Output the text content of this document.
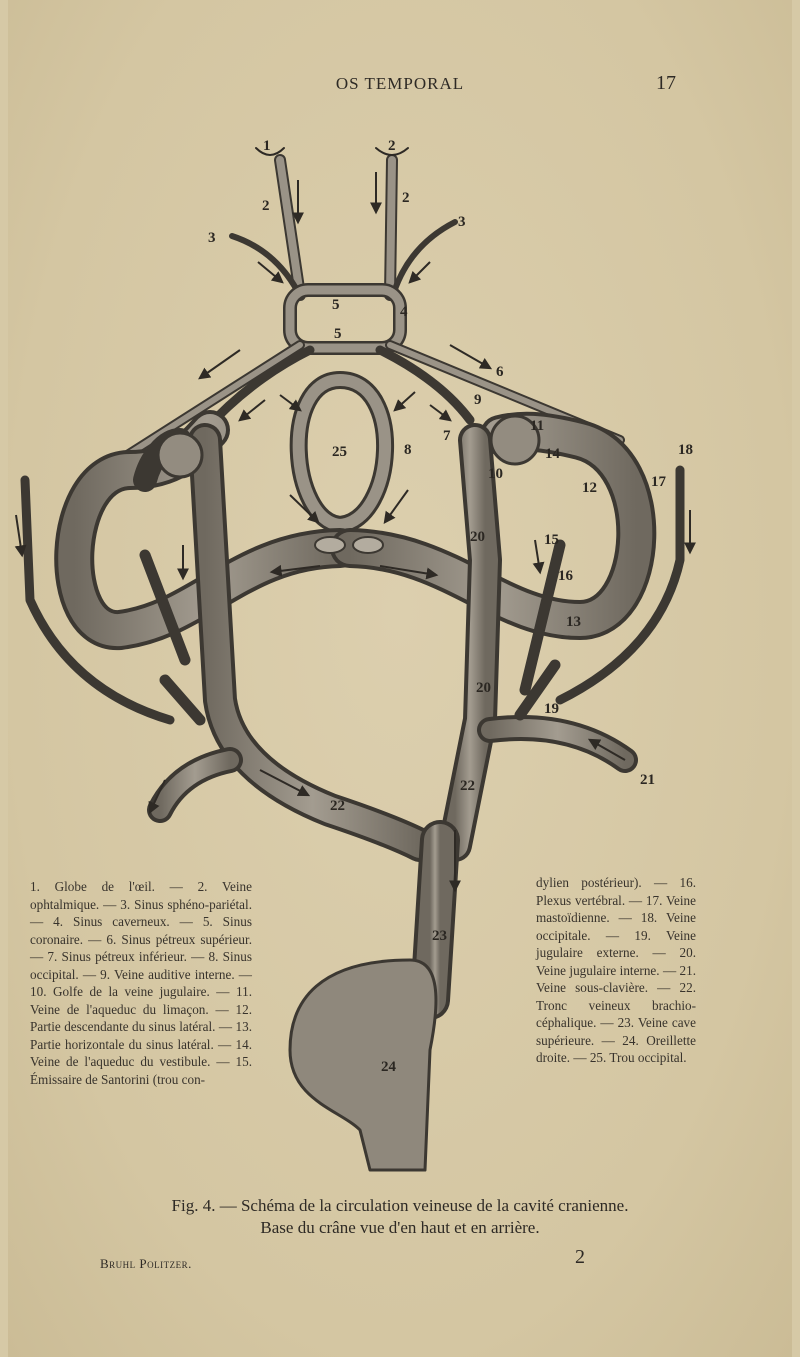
OS TEMPORAL	17
1	2
2	2
3
3
4
5
5
6
7
8
9
10
11
12
13
14
15
16
17
18
19
20
20
21
22
22
23
24
25
1. Globe de l'œil. — 2. Veine ophtalmique. — 3. Sinus sphéno-pariétal. — 4. Sinus caverneux. — 5. Sinus coronaire. — 6. Sinus pétreux supérieur. — 7. Sinus pétreux inférieur. — 8. Sinus occipital. — 9. Veine auditive interne. — 10. Golfe de la veine jugulaire. — 11. Veine de l'aqueduc du limaçon. — 12. Partie descendante du sinus latéral. — 13. Partie horizontale du sinus latéral. — 14. Veine de l'aqueduc du vestibule. — 15. Émissaire de Santorini (trou con-
dylien postérieur). — 16. Plexus vertébral. — 17. Veine mastoïdienne. — 18. Veine occipitale. — 19. Veine jugulaire externe. — 20. Veine jugulaire interne. — 21. Veine sous-clavière. — 22. Tronc veineux brachio-céphalique. — 23. Veine cave supérieure. — 24. Oreillette droite. — 25. Trou occipital.
Fig. 4. — Schéma de la circulation veineuse de la cavité cranienne.
Base du crâne vue d'en haut et en arrière.
Bruhl Politzer.	2
